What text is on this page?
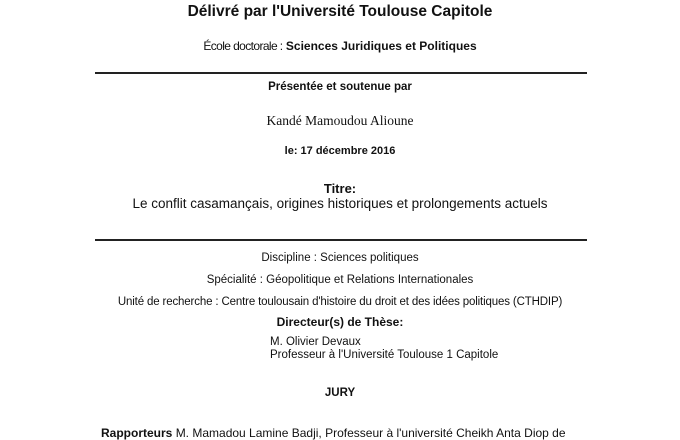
Délivré par l'Université Toulouse Capitole
École doctorale : Sciences Juridiques et Politiques
Présentée et soutenue par
Kandé Mamoudou Alioune
le: 17 décembre 2016
Titre:
Le conflit casamançais, origines historiques et prolongements actuels
Discipline : Sciences politiques
Spécialité : Géopolitique et Relations Internationales
Unité de recherche : Centre toulousain d'histoire du droit et des idées politiques (CTHDIP)
Directeur(s) de Thèse:
M. Olivier Devaux
Professeur à l'Université Toulouse 1 Capitole
JURY
Rapporteurs M. Mamadou Lamine Badji, Professeur à l'université Cheikh Anta Diop de
